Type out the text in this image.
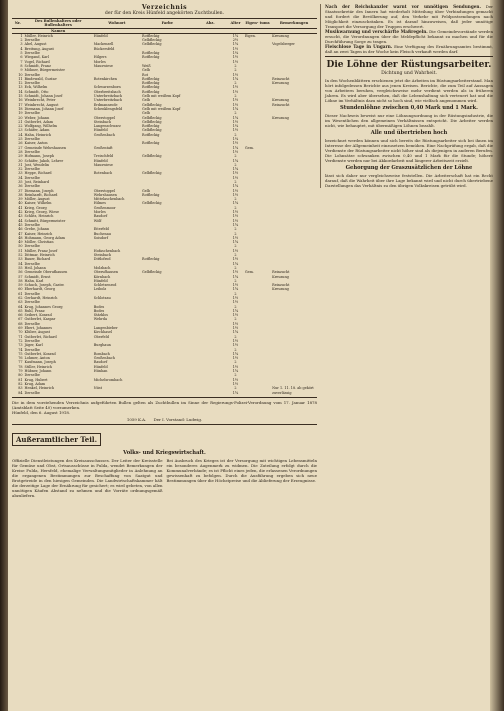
Verzeichnis
der für den Kreis Hünfeld angekörten Zuchtbullen.
Nr.	Des Bullenhalters oder Bullenhalters	Wohnort	Farbe	Abz.	Alter	Eigen- tums	Bemerkungen
	Namen						
1	Müller, Heinrich	Hünfeld	Rotfleckig		1¾	Eigen.	Kreuzung
2	Derselbe		Gelbfleckig		2½		
3	Abel, August	Mackenzell	Gelbfleckig		1¾		Vogelsberger
4	Breitung, August	Rückersfeld			1½		
5	Derselbe		Rotfleckig		1¼		
6	Wiegand, Karl	Hilgers	Rotfleckig		1½		
7	Vogel, Richard	Morles			1½		
8	Schmidt, Franz	Mauswiese	Weiß		2		
9	Möhner, Bürgermeister		Gelb		2		
10	Derselbe		Rot		1½		
11	Bindewald, Gustav	Rotenkirchen	Rotfleckig		1¾		Reinzucht
12	Derselbe		Rotfleckig		2		Kreuzung
13	Eck, Wilhelm	Schwarzenborn	Rotfleckig		1½		
14	Schmidt, Otto	Oberbreitzbach	Rotfleckig		1½		
15	Schmidt, Johann Josef	Unterbreitzbach	Gelb mit weißem Kopf		2		
16	Weinbrecht, Peter	Unterbreitzbach	Gelb		1½		Kreuzung
17	Weinbrecht, August	Erdmannrode	Gelbfleckig		1½		Reinzucht
18	Diemann, Johann Josef	Schenklengsfeld	Gelb mit weißem Kopf		1¾		
19	Derselbe		Gelb		2		
20	Weber, Johann	Oberstoppel	Gelbfleckig		1¾		Kreuzung
21	Gutberlet, Adam	Steinbach	Gelbfleckig		1½		
22	Wolfgang, Wilhelm	Langenschwarz	Rotfleckig		1¼		
23	Schäfer, Adam	Hünfeld	Gelbfleckig		1½		
24	Hahn, Heinrich	Großenbach	Rotfleckig		2		
25	Derselbe				1¼		
26	Kaiser, Anton		Rotfleckig		1½		
27	Gemeinde Wehrshausen	Großentaft			1¾	Gem.	
28	Derselbe				1½		
29	Hofmann, Joseph	Treischfeld	Gelbfleckig		2		
30	Schäfer, Jakob, Lehrer	Hünfeld			1¾		
31	Jost, Wendelin	Mauswiese			2		
32	Derselbe				1¾		
33	Heppe, Richard	Rotenbach	Gelbfleckig		1½		
34	Derselbe				1½		
35	Jost, Reinhard				2		
36	Derselbe				1¾		
37	Diemann, Joseph	Oberstoppel	Gelb		1½		
38	Reinhardt, Richard	Wehrshausen	Rotfleckig		1½		
39	Möller, August	Mittelaschenbach			2		
40	Kaiser, Wilhelm	Hilmes	Gelbfleckig		1¾		
41	Krieg, Georg	Großenmoor			2		
42	Krieg, Georg, Wiese	Morles			1½		
43	Schlitz, Heinrich	Rasdorf			1½		
44	Schmitt, Bürgermeister	Wölf			1½		
45	Derselbe				1¾		
46	Grebe, Johann	Eiterfeld			2		
47	Kaiser, Heinrich	Buchenau			2		
48	Hohmann, Georg Adam	Soisdorf			1½		
49	Möller, Christian				1¾		
50	Derselbe				2		
51	Müller, Franz Josef	Hofaschenbach			1½		
52	Dittmar, Heinrich	Steinbach			2		
53	Bauer, Richard	Dittlofrod	Rotfleckig		1½		
54	Derselbe				1¾		
55	Heil, Johann	Molzbach			2		
56	Gemeinde Oberufhausen	Oberufhausen	Gelbfleckig		1½	Gem.	Reinzucht
57	Schmidt, Ernst	Körnbach			1¾		Kreuzung
58	Hahn, Karl	Hünfeld			2		
59	Schuch, Joseph, Gastw.	Schletzenrod			1½		Reinzucht
60	Eberhardt, Georg	Leibolz			1¾		Kreuzung
61	Derselbe				2		
62	Gerhardt, Heinrich	Schlotzau			1½		
63	Derselbe				1½		
64	Krug, Johannes Georg	Bodes			2		
65	Ruhl, Franz	Bodes			1¾		
66	Seibert, Konrad	Stärklos			1½		
67	Gutberlet, Kaspar	Wehrda			2		
68	Derselbe				1½		
69	Ebert, Johannes	Langenbieber			1½		
70	Klüber, August	Kirchhasel			1¾		
71	Gutberlet, Richard	Oberfeld			2		
72	Derselbe				1½		
73	Jäger, Karl	Burghaun			1½		
74	Derselbe				2		
75	Gutberlet, Konrad	Rombach			1¾		
76	Lohmer, Anton	Großenbach			1½		
77	Kaufmann, Joseph	Rasdorf			2		
78	Stiller, Heinrich	Hünfeld			1½		
79	Hübner, Johann	Hünhan			1¾		
80	Derselbe				2		
81	Krug, Hubert	Michelsrombach			1½		
82	Krug, Adam				1½		
83	Henkel, Heinrich	Nüst			2		Nur 1. 11. 18. ab gekört
84	Derselbe				1¾		zuverlässig
Die in dem vorstehenden Verzeichnis aufgeführten Bullen gelten als Zuchtbullen im Sinne der Regierungs-Polizei-Verordnung vom 17. Januar 1878 (Amtsblatt Seite 40) vorzumerken.
Hünfeld, den 6. August 1918.
1059 K.A. Der I. Vorstand: Ludwig.
Außeramtlicher Teil.
Volks- und Kriegswirtschaft.
Offizielle Dienstleistungen des Kreisausschusses. Der Leiter der Kreisstelle für Gemüse und Obst, Ortsausschüsse in Fulda, wendet Bemerkungen der Kreise Fulda, Hersfeld, ehemalige Verwaltungsmitglieder in Anlehnung an die ergangenen Bestimmungen zur Beschaffung von Saatgut und Brotgetreide in den hiesigen Gemeinden. Die Landwirtschaftskammer hält die derzeitige Lage der Ernährung für gesichert; es wird gebeten, von allen unnötigen Käufen Abstand zu nehmen und die Vorräte ordnungsgemäß abzuliefern.
Bei Ausbruch des Krieges ist der Versorgung mit wichtigen Lebensmitteln ein besonderes Augenmerk zu widmen. Die Zuteilung erfolgt durch die Kommunalverbände; es ist Pflicht eines jeden, die erlassenen Verordnungen gewissenhaft zu befolgen. Durch die Ausführung ergeben sich neue Bestimmungen über die Höchstpreise und die Ablieferung der Erzeugnisse.
Nach der Reichskanzler warnt vor unnötigen Sendungen. Der Staatssekretär des Innern hat wiederholt Mitteilung über Verbindungen gemacht und fordert die Bevölkerung auf, den Verkehr mit Feldpostsendungen nach Möglichkeit einzuschränken. Es ist darauf hinzuweisen, daß jeder unnötige Transport die Versorgung der Truppen erschwert.
Musikwarnung und verschärfte Maßregeln. Die Gemeindevorstände werden ersucht, die Verordnungen über die Meldepflicht bekannt zu machen und für die Durchführung Sorge zu tragen.
Fleischlose Tage in Ungarn. Eine Verfügung des Ernährungsamtes bestimmt, daß an zwei Tagen in der Woche kein Fleisch verkauft werden darf.
Die Löhne der Rüstungsarbeiter.
Dichtung und Wahrheit.
In den Wochenblättern erschienen jetzt die Arbeiten im Rüstungsarbeiterstand. Man hört infolgedessen Berichte aus jenen Kreisen. Berichte, die zum Teil auf Aussagen von Arbeitern beruhen, vergleichsweise mehr verdient werden als in früheren Jahren. Es wird aber übersehen, daß die Lebenshaltung sich verteuert hat und die Löhne im Verhältnis dazu nicht so hoch sind, wie vielfach angenommen wird.
Stundenlöhne zwischen 0,40 Mark und 1 Mark.
Dieser Nachweis beweist nur eine Löhnungsordnung in der Rüstungsindustrie, die im Wesentlichen den allgemeinen Verhältnissen entspricht. Die Arbeiter werden nicht, wie behauptet, mit übermäßigen Löhnen bezahlt.
Alle und übertrieben hoch
bezeichnet werden können und sich bereits die Rüstungsarbeiter sich bei ihnen im Interesse der Allgemeinheit einzusetzen bemühen. Eine Nachprüfung ergab, daß die Verdienste der Rüstungsarbeiter nicht höher sind als diejenigen in anderen Berufen. Die Lohnsätze schwanken zwischen 0,40 und 1 Mark für die Stunde; höhere Verdienste werden nur bei Akkordarbeit und längerer Arbeitszeit erzielt.
Gehorgung der Graszusätzlichen der Löhne
lässt sich daher nur vergleichsweise feststellen. Die Arbeiterschaft hat ein Recht darauf, daß die Wahrheit über ihre Lage bekannt wird und nicht durch übertriebene Darstellungen das Verhältnis zu den übrigen Volkskreisen getrübt wird.
